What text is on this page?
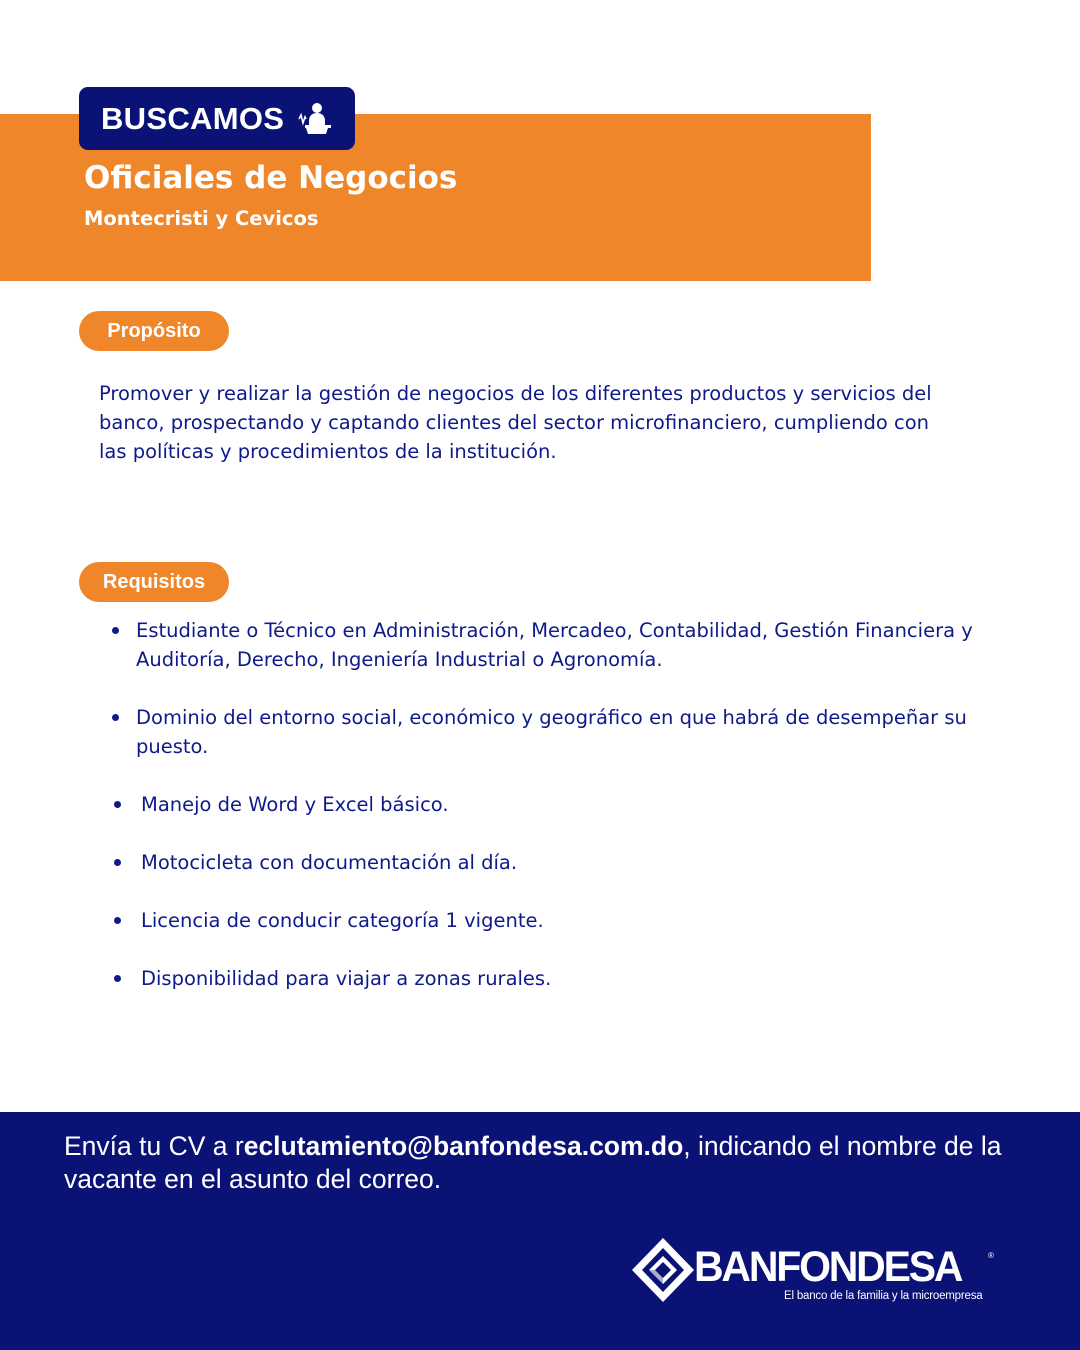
BUSCAMOS
Oficiales de Negocios

Montecristi y Cevicos

Propósito

Promover y realizar la gestión de negocios de los diferentes productos y servicios del banco, prospectando y captando clientes del sector microfinanciero, cumpliendo con las políticas y procedimientos de la institución.

Requisitos
Estudiante o Técnico en Administración, Mercadeo, Contabilidad, Gestión Financiera y Auditoría, Derecho, Ingeniería Industrial o Agronomía.
Dominio del entorno social, económico y geográfico en que habrá de desempeñar su puesto.
Manejo de Word y Excel básico.
Motocicleta con documentación al día.
Licencia de conducir categoría 1 vigente.
Disponibilidad para viajar a zonas rurales.

Envía tu CV a reclutamiento@banfondesa.com.do, indicando el nombre de la vacante en el asunto del correo.

BANFONDESA	®
El banco de la familia y la microempresa
